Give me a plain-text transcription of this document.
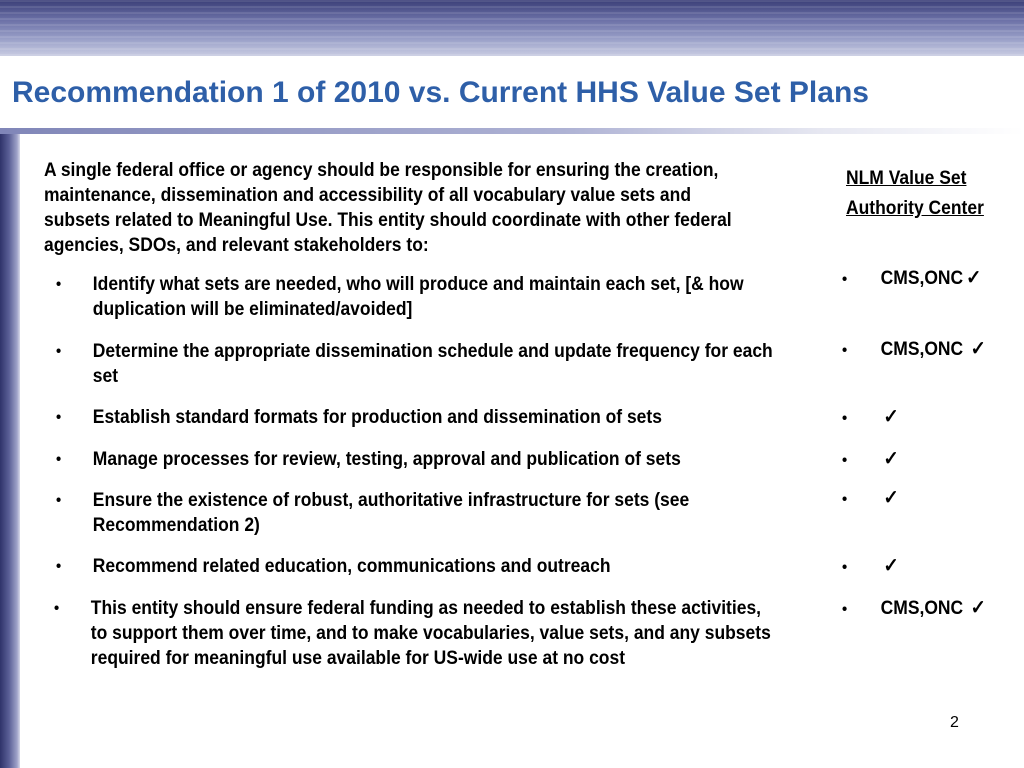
Recommendation 1 of 2010 vs. Current HHS Value Set Plans

A single federal office or agency should be responsible for ensuring the creation, maintenance, dissemination and accessibility of all vocabulary value sets and subsets related to Meaningful Use. This entity should coordinate with other federal agencies, SDOs, and relevant stakeholders to:

NLM Value Set Authority Center

• Identify what sets are needed, who will produce and maintain each set, [& how duplication will be eliminated/avoided]
• Determine the appropriate dissemination schedule and update frequency for each set
• Establish standard formats for production and dissemination of sets
• Manage processes for review, testing, approval and publication of sets
• Ensure the existence of robust, authoritative infrastructure for sets (see Recommendation 2)
• Recommend related education, communications and outreach
• This entity should ensure federal funding as needed to establish these activities, to support them over time, and to make vocabularies, value sets, and any subsets required for meaningful use available for US-wide use at no cost
• CMS,ONC ✓
• CMS,ONC ✓
• ✓
• ✓
• ✓
• ✓
• CMS,ONC ✓

2
